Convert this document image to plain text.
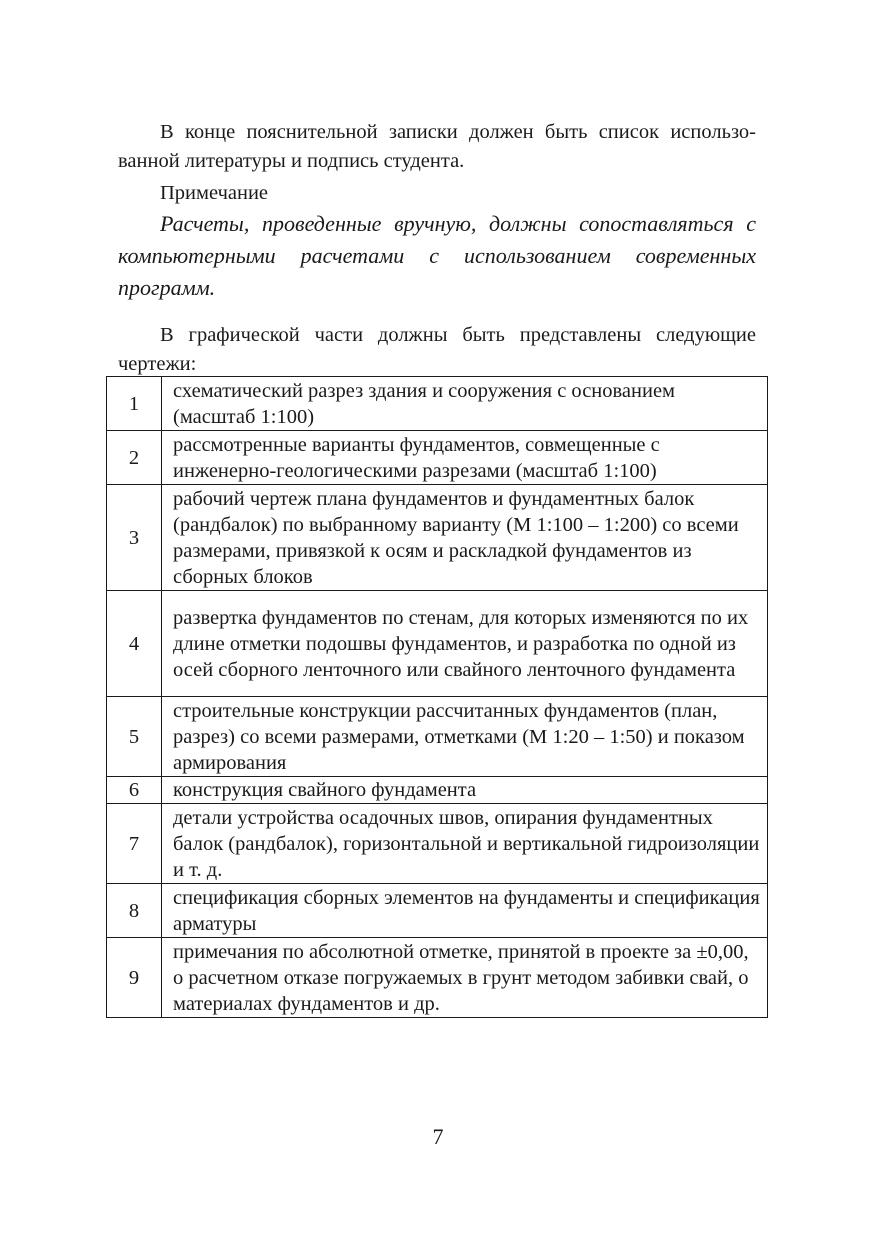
В конце пояснительной записки должен быть список использованной литературы и подпись студента.

Примечание

Расчеты, проведенные вручную, должны сопоставляться с компьютерными расчетами с использованием современных программ.

В графической части должны быть представлены следующие чертежи:

1	схематический разрез здания и сооружения с основанием (масштаб 1:100)
2	рассмотренные варианты фундаментов, совмещенные с инженерно-геологическими разрезами (масштаб 1:100)
3	рабочий чертеж плана фундаментов и фундаментных балок (рандбалок) по выбранному варианту (М 1:100 – 1:200) со всеми размерами, привязкой к осям и раскладкой фундаментов из сборных блоков
4	развертка фундаментов по стенам, для которых изменяются по их длине отметки подошвы фундаментов, и разработка по одной из осей сборного ленточного или свайного ленточного фундамента
5	строительные конструкции рассчитанных фундаментов (план, разрез) со всеми размерами, отметками (М 1:20 – 1:50) и показом армирования
6	конструкция свайного фундамента
7	детали устройства осадочных швов, опирания фундаментных балок (рандбалок), горизонтальной и вертикальной гидроизоляции и т. д.
8	спецификация сборных элементов на фундаменты и спецификация арматуры
9	примечания по абсолютной отметке, принятой в проекте за ±0,00, о расчетном отказе погружаемых в грунт методом забивки свай, о материалах фундаментов и др.
7
